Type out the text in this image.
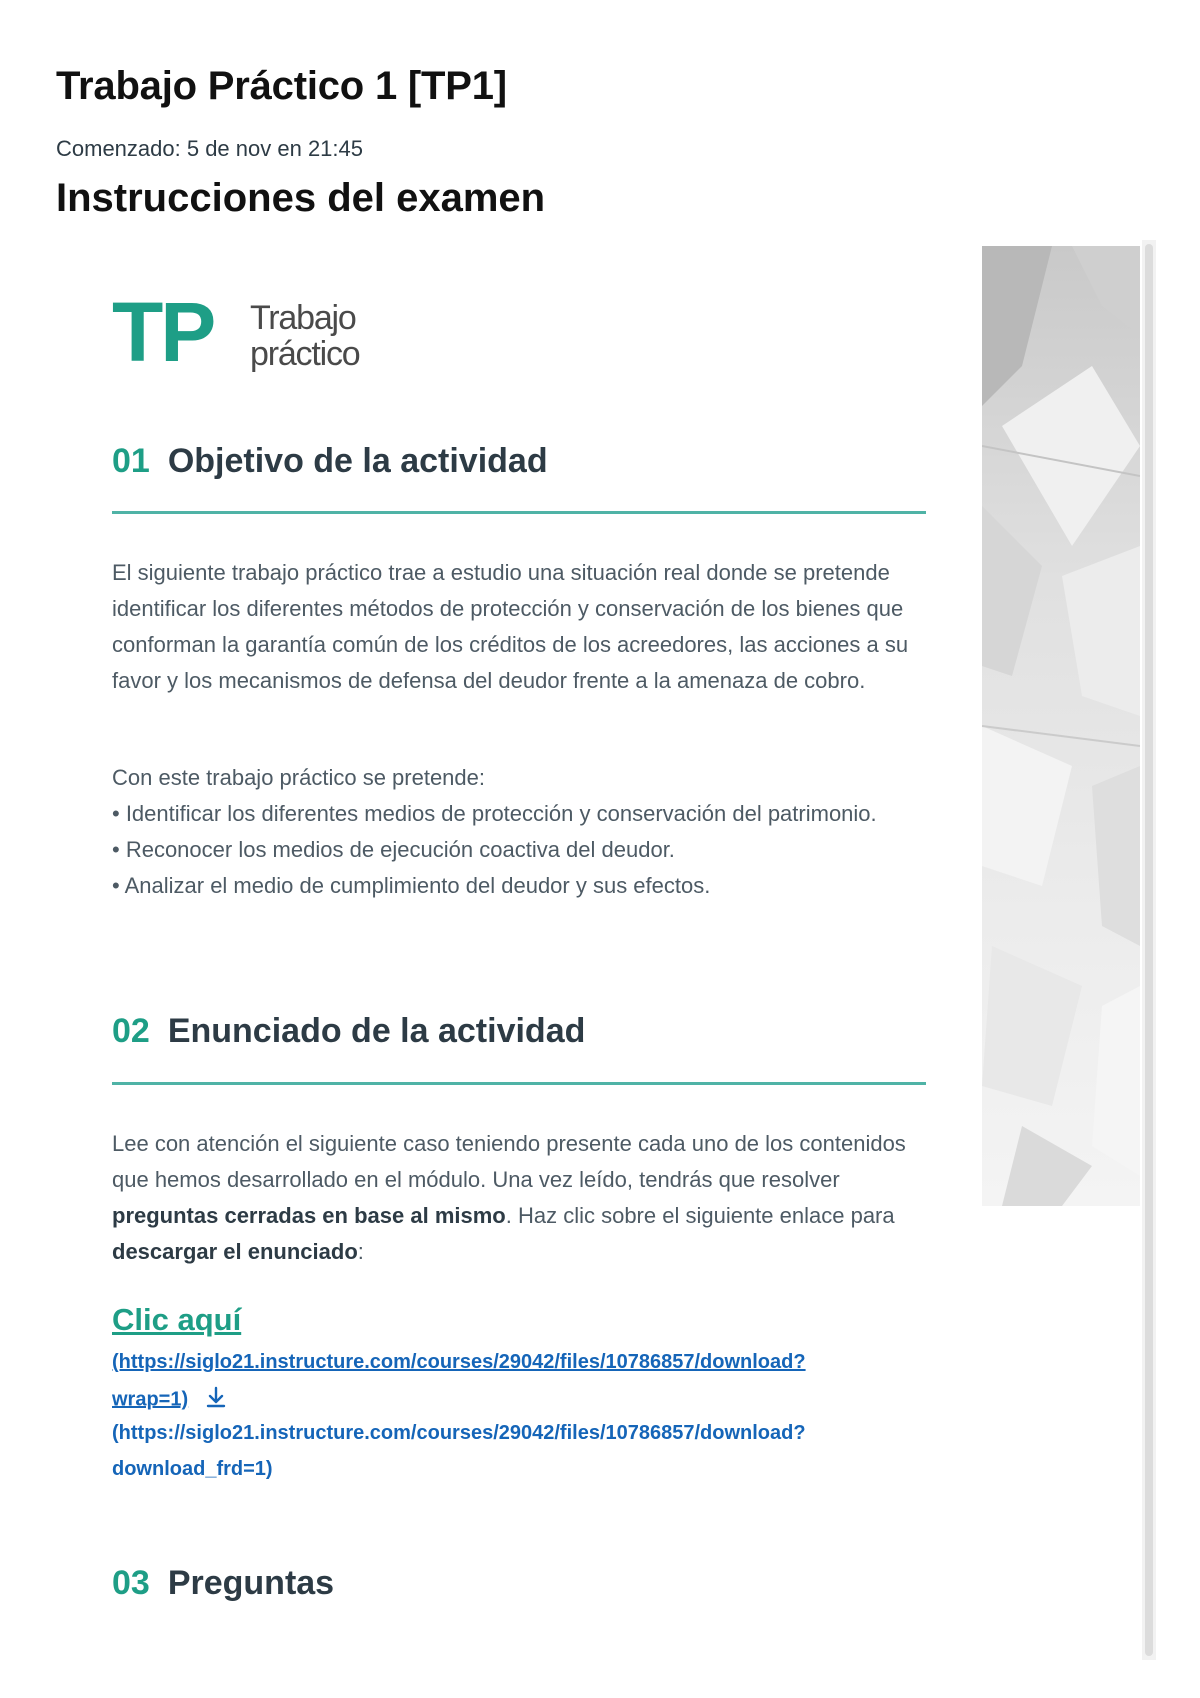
Trabajo Práctico 1 [TP1]
Comenzado: 5 de nov en 21:45
Instrucciones del examen
TP Trabajo
práctico
01 Objetivo de la actividad

El siguiente trabajo práctico trae a estudio una situación real donde se pretende identificar los diferentes métodos de protección y conservación de los bienes que conforman la garantía común de los créditos de los acreedores, las acciones a su favor y los mecanismos de defensa del deudor frente a la amenaza de cobro.

Con este trabajo práctico se pretende:
• Identificar los diferentes medios de protección y conservación del patrimonio.
• Reconocer los medios de ejecución coactiva del deudor.
• Analizar el medio de cumplimiento del deudor y sus efectos.
02 Enunciado de la actividad

Lee con atención el siguiente caso teniendo presente cada uno de los contenidos que hemos desarrollado en el módulo. Una vez leído, tendrás que resolver preguntas cerradas en base al mismo. Haz clic sobre el siguiente enlace para descargar el enunciado:

Clic aquí
(https://siglo21.instructure.com/courses/29042/files/10786857/download?
wrap=1)
(https://siglo21.instructure.com/courses/29042/files/10786857/download?
download_frd=1)
03 Preguntas
